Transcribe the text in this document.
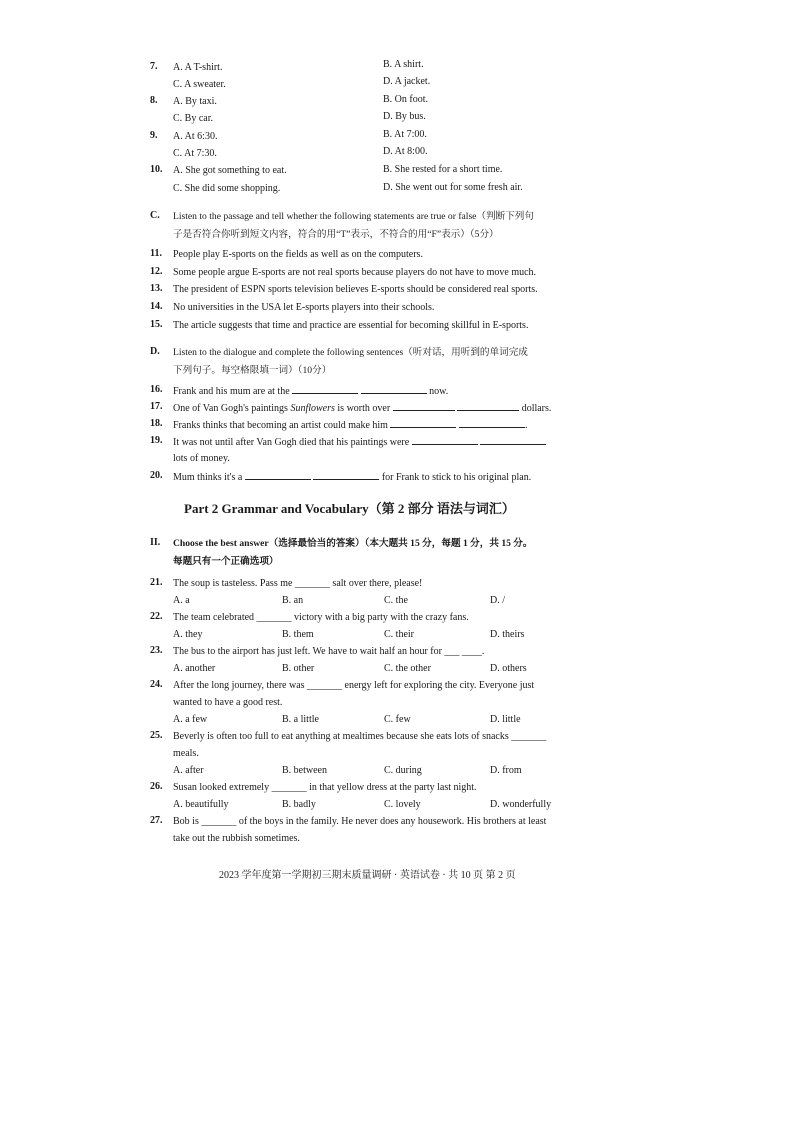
7. A. A T-shirt.	B. A shirt.
C. A sweater.	D. A jacket.
8. A. By taxi.	B. On foot.
C. By car.	D. By bus.
9. A. At 6:30.	B. At 7:00.
C. At 7:30.	D. At 8:00.
10. A. She got something to eat.	B. She rested for a short time.
C. She did some shopping.	D. She went out for some fresh air.
C. Listen to the passage and tell whether the following statements are true or false（判断下列句
子是否符合你听到短文内容，符合的用“T”表示，不符合的用“F”表示）（5分）
11. People play E-sports on the fields as well as on the computers.
12. Some people argue E-sports are not real sports because players do not have to move much.
13. The president of ESPN sports television believes E-sports should be considered real sports.
14. No universities in the USA let E-sports players into their schools.
15. The article suggests that time and practice are essential for becoming skillful in E-sports.
D. Listen to the dialogue and complete the following sentences（听对话，用听到的单词完成
下列句子。每空格限填一词）（10分）
16. Frank and his mum are at the	now.
17. One of Van Gogh's paintings Sunflowers is worth over	dollars.
18. Franks thinks that becoming an artist could make him	.
19. It was not until after Van Gogh died that his paintings were
lots of money.
20. Mum thinks it's a	for Frank to stick to his original plan.
Part 2 Grammar and Vocabulary（第 2 部分 语法与词汇）
II. Choose the best answer（选择最恰当的答案）（本大题共 15 分，每题 1 分，共 15 分。
每题只有一个正确选项）
21. The soup is tasteless. Pass me _______ salt over there, please!
A. a	B. an	C. the	D. /
22. The team celebrated _______ victory with a big party with the crazy fans.
A. they	B. them	C. their	D. theirs
23. The bus to the airport has just left. We have to wait half an hour for ___ ____.
A. another	B. other	C. the other	D. others
24. After the long journey, there was _______ energy left for exploring the city. Everyone just
wanted to have a good rest.
A. a few	B. a little	C. few	D. little
25. Beverly is often too full to eat anything at mealtimes because she eats lots of snacks _______
meals.
A. after	B. between	C. during	D. from
26. Susan looked extremely _______ in that yellow dress at the party last night.
A. beautifully	B. badly	C. lovely	D. wonderfully
27. Bob is _______ of the boys in the family. He never does any housework. His brothers at least
take out the rubbish sometimes.
2023 学年度第一学期初三期末质量调研 · 英语试卷 · 共 10 页 第 2 页
